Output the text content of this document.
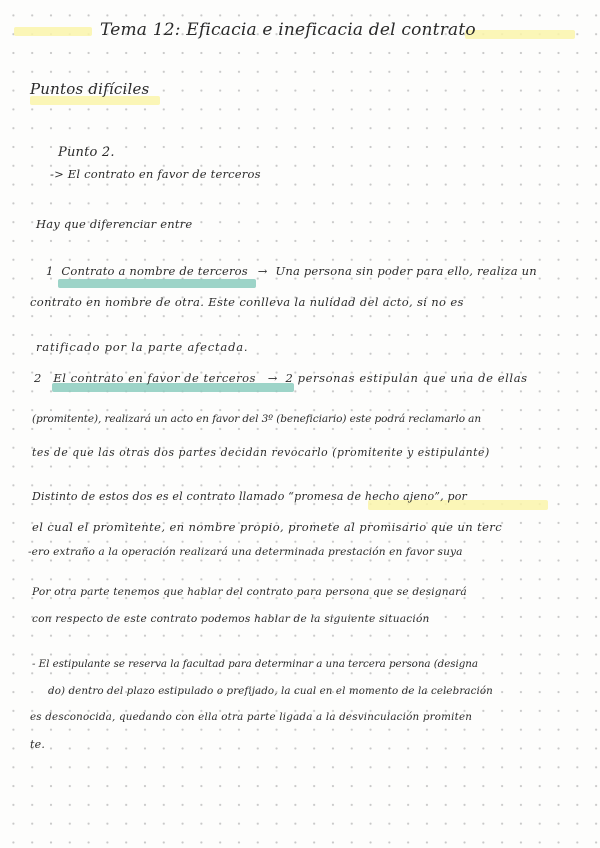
Tema 12: Eficacia e ineficacia del contrato
Puntos difíciles
Punto 2.
-> El contrato en favor de terceros
Hay que diferenciar entre
1 Contrato a nombre de terceros → Una persona sin poder para ello, realiza un
contrato en nombre de otra. Este conlleva la nulidad del acto, si no es
ratificado por la parte afectada.
2 El contrato en favor de terceros → 2 personas estipulan que una de ellas
(promitente), realizará un acto en favor del 3º (beneficiario) este podrá reclamarlo an
tes de que las otras dos partes decidan revocarlo (promitente y estipulante)
Distinto de estos dos es el contrato llamado “promesa de hecho ajeno”, por
el cual el promitente, en nombre propio, promete al promisario que un terc
-ero extraño a la operación realizará una determinada prestación en favor suya
Por otra parte tenemos que hablar del contrato para persona que se designará
con respecto de este contrato podemos hablar de la siguiente situación
- El estipulante se reserva la facultad para determinar a una tercera persona (designa
do) dentro del plazo estipulado o prefijado, la cual en el momento de la celebración
es desconocida, quedando con ella otra parte ligada a la desvinculación promiten
te.
